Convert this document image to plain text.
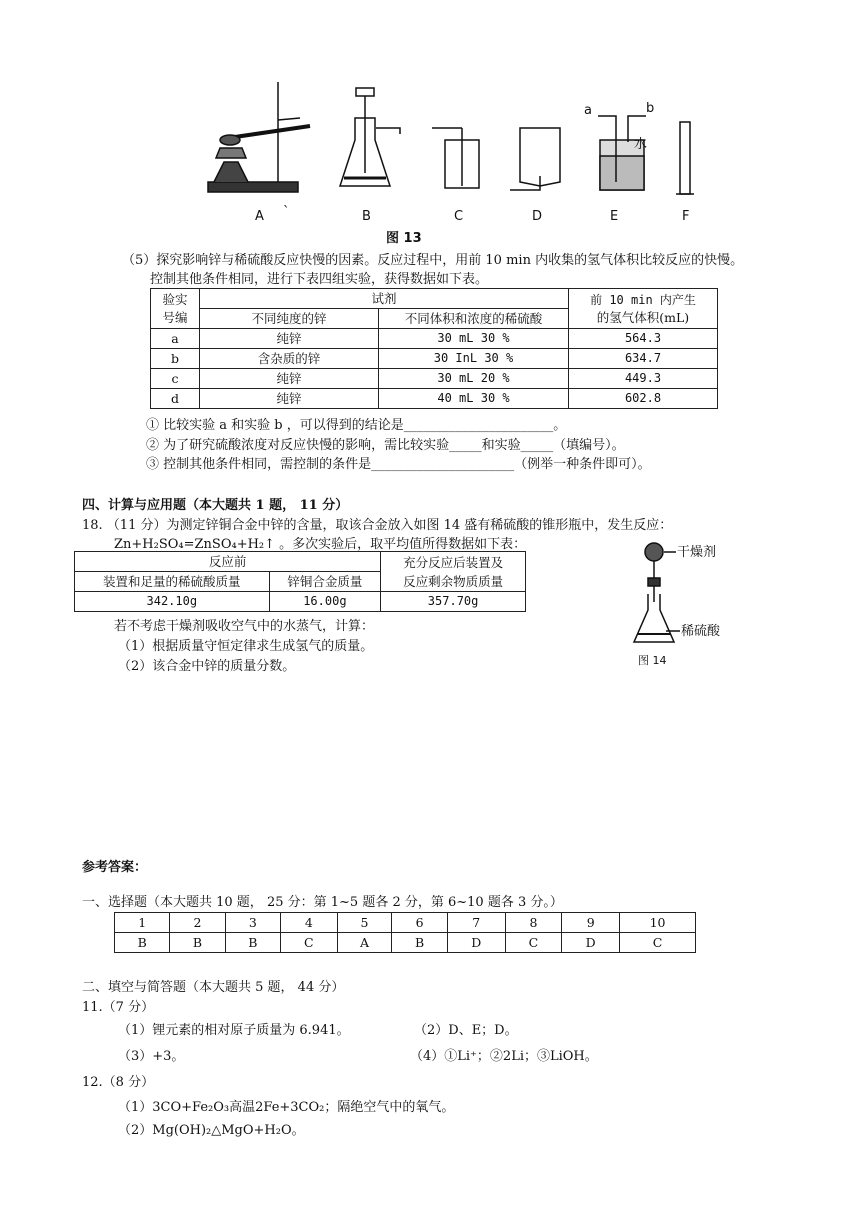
A `	B	C	D	E	F
a	b
水
图 13
（5）探究影响锌与稀硫酸反应快慢的因素。反应过程中，用前 10 min 内收集的氢气体积比较反应的快慢。
控制其他条件相同，进行下表四组实验，获得数据如下表。
验实
号编	试剂		前 10 min 内产生
的氢气体积(mL)
	不同纯度的锌	不同体积和浓度的稀硫酸	
a	纯锌	30 mL 30 %	564.3
b	含杂质的锌	30 InL 30 %	634.7
c	纯锌	30 mL 20 %	449.3
d	纯锌	40 mL 30 %	602.8
① 比较实验 a 和实验 b ，可以得到的结论是_______________________。
② 为了研究硫酸浓度对反应快慢的影响，需比较实验_____和实验_____（填编号）。
③ 控制其他条件相同，需控制的条件是______________________（例举一种条件即可）。
四、计算与应用题（本大题共 1 题， 11 分）
18. （11 分）为测定锌铜合金中锌的含量，取该合金放入如图 14 盛有稀硫酸的锥形瓶中，发生反应：
Zn+H₂SO₄=ZnSO₄+H₂↑ 。多次实验后，取平均值所得数据如下表：
反应前		充分反应后装置及
反应剩余物质质量
装置和足量的稀硫酸质量	锌铜合金质量	
342.10g	16.00g	357.70g
若不考虑干燥剂吸收空气中的水蒸气，计算：
（1）根据质量守恒定律求生成氢气的质量。
（2）该合金中锌的质量分数。
干燥剂
稀硫酸
图 14
参考答案：
一、选择题（本大题共 10 题， 25 分：第 1~5 题各 2 分，第 6~10 题各 3 分。）
1	2	3	4	5	6	7	8	9	10
B	B	B	C	A	B	D	C	D	C
二、填空与简答题（本大题共 5 题， 44 分）
11.（7 分）
（1）锂元素的相对原子质量为 6.941。	（2）D、E；D。
（3）+3。	（4）①Li⁺；②2Li；③LiOH。
12.（8 分）
（1）3CO+Fe₂O₃高温2Fe+3CO₂；隔绝空气中的氧气。
（2）Mg(OH)₂△MgO+H₂O。
